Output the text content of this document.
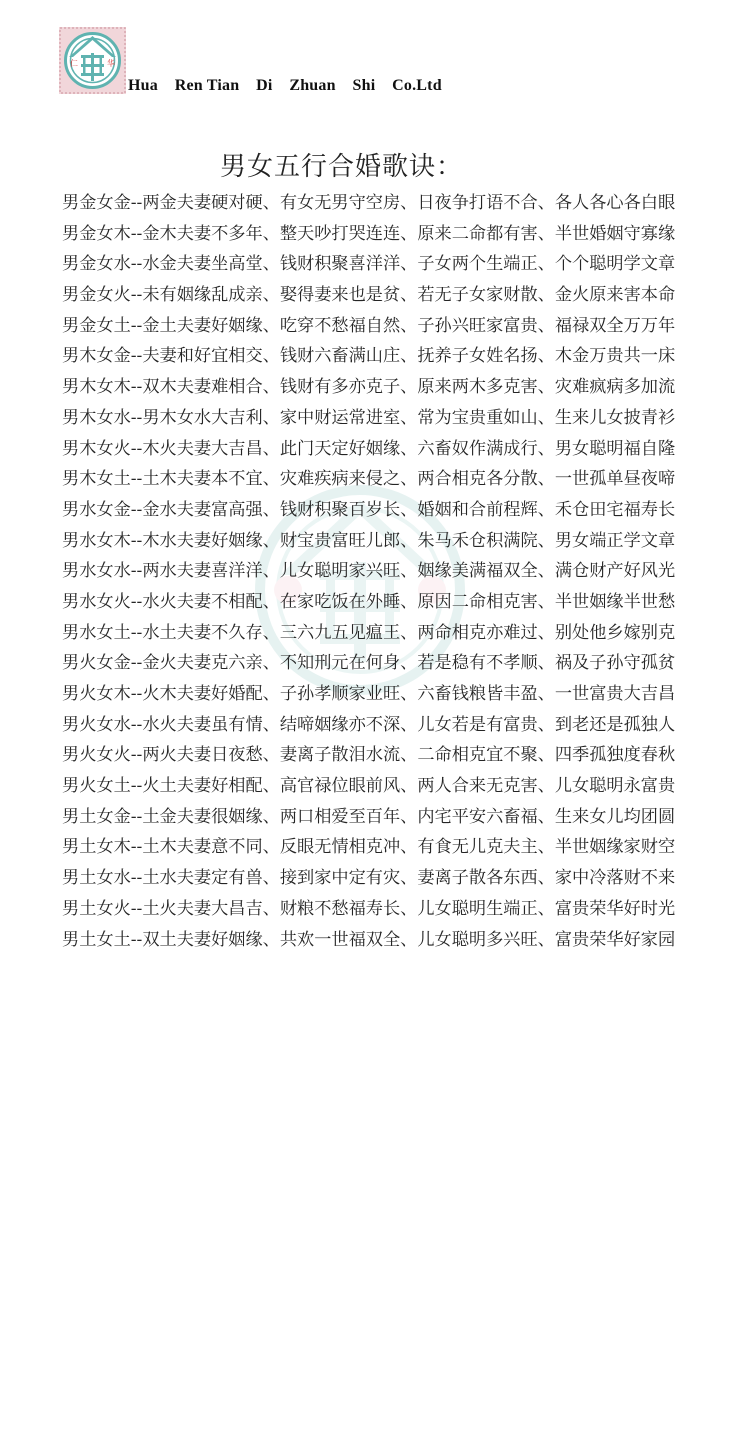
仁	华
Hua    Ren Tian    Di    Zhuan    Shi    Co.Ltd
男女五行合婚歌诀：
男金女金--两金夫妻硬对硬、有女无男守空房、日夜争打语不合、各人各心各白眼
男金女木--金木夫妻不多年、整天吵打哭连连、原来二命都有害、半世婚姻守寡缘
男金女水--水金夫妻坐高堂、钱财积聚喜洋洋、子女两个生端正、个个聪明学文章
男金女火--未有姻缘乱成亲、娶得妻来也是贫、若无子女家财散、金火原来害本命
男金女土--金土夫妻好姻缘、吃穿不愁福自然、子孙兴旺家富贵、福禄双全万万年
男木女金--夫妻和好宜相交、钱财六畜满山庄、抚养子女姓名扬、木金万贵共一床
男木女木--双木夫妻难相合、钱财有多亦克子、原来两木多克害、灾难疯病多加流
男木女水--男木女水大吉利、家中财运常进室、常为宝贵重如山、生来儿女披青衫
男木女火--木火夫妻大吉昌、此门天定好姻缘、六畜奴作满成行、男女聪明福自隆
男木女土--土木夫妻本不宜、灾难疾病来侵之、两合相克各分散、一世孤单昼夜啼
男水女金--金水夫妻富高强、钱财积聚百岁长、婚姻和合前程辉、禾仓田宅福寿长
男水女木--木水夫妻好姻缘、财宝贵富旺儿郎、朱马禾仓积满院、男女端正学文章
男水女水--两水夫妻喜洋洋、儿女聪明家兴旺、姻缘美满福双全、满仓财产好风光
男水女火--水火夫妻不相配、在家吃饭在外睡、原因二命相克害、半世姻缘半世愁
男水女土--水土夫妻不久存、三六九五见瘟王、两命相克亦难过、别处他乡嫁别克
男火女金--金火夫妻克六亲、不知刑元在何身、若是稳有不孝顺、祸及子孙守孤贫
男火女木--火木夫妻好婚配、子孙孝顺家业旺、六畜钱粮皆丰盈、一世富贵大吉昌
男火女水--水火夫妻虽有情、结啼姻缘亦不深、儿女若是有富贵、到老还是孤独人
男火女火--两火夫妻日夜愁、妻离子散泪水流、二命相克宜不聚、四季孤独度春秋
男火女土--火土夫妻好相配、高官禄位眼前风、两人合来无克害、儿女聪明永富贵
男土女金--土金夫妻很姻缘、两口相爱至百年、内宅平安六畜福、生来女儿均团圆
男土女木--土木夫妻意不同、反眼无情相克冲、有食无儿克夫主、半世姻缘家财空
男土女水--土水夫妻定有兽、接到家中定有灾、妻离子散各东西、家中冷落财不来
男土女火--土火夫妻大昌吉、财粮不愁福寿长、儿女聪明生端正、富贵荣华好时光
男土女土--双土夫妻好姻缘、共欢一世福双全、儿女聪明多兴旺、富贵荣华好家园
